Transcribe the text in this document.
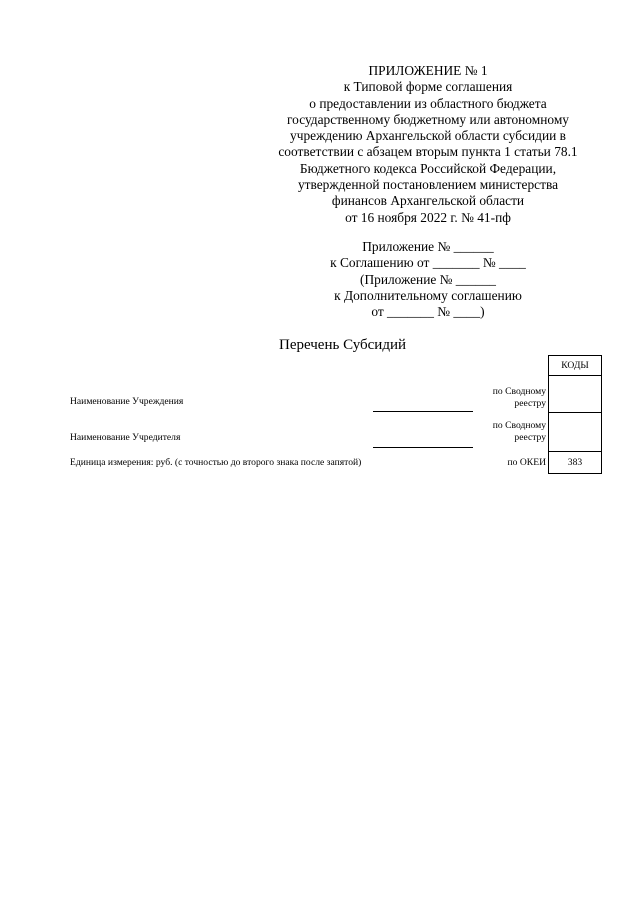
ПРИЛОЖЕНИЕ № 1
к Типовой форме соглашения
о предоставлении из областного бюджета
государственному бюджетному или автономному
учреждению Архангельской области субсидии в
соответствии с абзацем вторым пункта 1 статьи 78.1
Бюджетного кодекса Российской Федерации,
утвержденной постановлением министерства
финансов Архангельской области
от 16 ноября 2022 г. № 41-пф
Приложение № ______
к Соглашению от _______ № ____
(Приложение № ______
к Дополнительному соглашению
от _______ № ____)
Перечень Субсидий
КОДЫ
Наименование Учреждения
по Сводному
реестру
Наименование Учредителя
по Сводному
реестру
Единица измерения: руб. (с точностью до второго знака после запятой)	по ОКЕИ	383
